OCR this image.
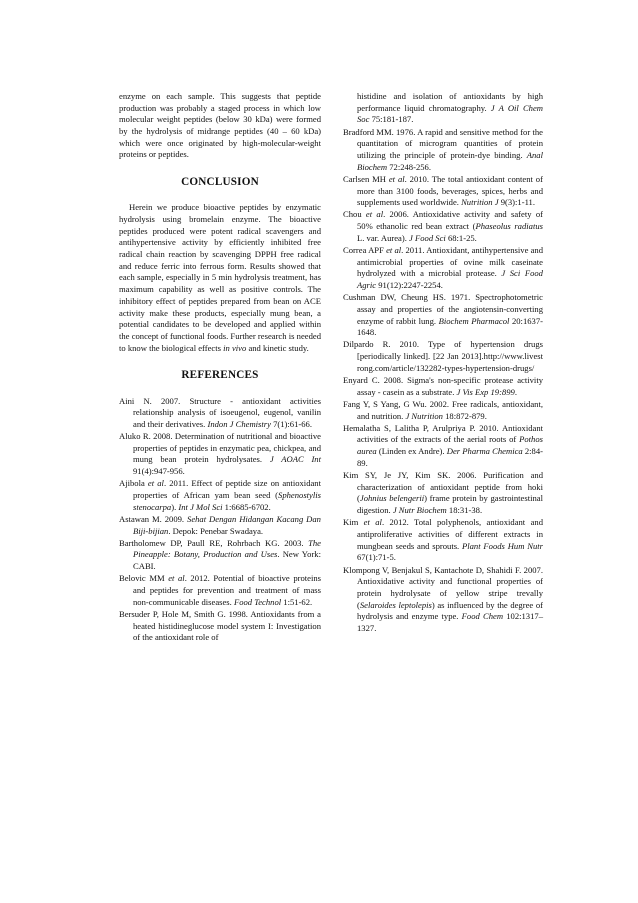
enzyme on each sample. This suggests that peptide production was probably a staged process in which low molecular weight peptides (below 30 kDa) were formed by the hydrolysis of midrange peptides (40 – 60 kDa) which were once originated by high-molecular-weight proteins or peptides.

CONCLUSION

Herein we produce bioactive peptides by enzymatic hydrolysis using bromelain enzyme. The bioactive peptides produced were potent radical scavengers and antihypertensive activity by efficiently inhibited free radical chain reaction by scavenging DPPH free radical and reduce ferric into ferrous form. Results showed that each sample, especially in 5 min hydrolysis treatment, has maximum capability as well as positive controls. The inhibitory effect of peptides prepared from bean on ACE activity make these products, especially mung bean, a potential candidates to be developed and applied within the concept of functional foods. Further research is needed to know the biological effects in vivo and kinetic study.

REFERENCES

Aini N. 2007. Structure - antioxidant activities relationship analysis of isoeugenol, eugenol, vanilin and their derivatives. Indon J Chemistry 7(1):61-66.

Aluko R. 2008. Determination of nutritional and bioactive properties of peptides in enzymatic pea, chickpea, and mung bean protein hydrolysates. J AOAC Int 91(4):947-956.

Ajibola et al. 2011. Effect of peptide size on antioxidant properties of African yam bean seed (Sphenostylis stenocarpa). Int J Mol Sci 1:6685-6702.

Astawan M. 2009. Sehat Dengan Hidangan Kacang Dan Biji-bijian. Depok: Penebar Swadaya.

Bartholomew DP, Paull RE, Rohrbach KG. 2003. The Pineapple: Botany, Production and Uses. New York: CABI.

Belovic MM et al. 2012. Potential of bioactive proteins and peptides for prevention and treatment of mass non-communicable diseases. Food Technol 1:51-62.

Bersuder P, Hole M, Smith G. 1998. Antioxidants from a heated histidineglucose model system I: Investigation of the antioxidant role of

histidine and isolation of antioxidants by high performance liquid chromatography. J A Oil Chem Soc 75:181-187.

Bradford MM. 1976. A rapid and sensitive method for the quantitation of microgram quantities of protein utilizing the principle of protein-dye binding. Anal Biochem 72:248-256.

Carlsen MH et al. 2010. The total antioxidant content of more than 3100 foods, beverages, spices, herbs and supplements used worldwide. Nutrition J 9(3):1-11.

Chou et al. 2006. Antioxidative activity and safety of 50% ethanolic red bean extract (Phaseolus radiatus L. var. Aurea). J Food Sci 68:1-25.

Correa APF et al. 2011. Antioxidant, antihypertensive and antimicrobial properties of ovine milk caseinate hydrolyzed with a microbial protease. J Sci Food Agric 91(12):2247-2254.

Cushman DW, Cheung HS. 1971. Spectrophotometric assay and properties of the angiotensin-converting enzyme of rabbit lung. Biochem Pharmacol 20:1637-1648.

Dilpardo R. 2010. Type of hypertension drugs [periodically linked]. [22 Jan 2013].http://www.livestrong.com/article/132282-types-hypertension-drugs/

Enyard C. 2008. Sigma's non-specific protease activity assay - casein as a substrate. J Vis Exp 19:899.

Fang Y, S Yang, G Wu. 2002. Free radicals, antioxidant, and nutrition. J Nutrition 18:872-879.

Hemalatha S, Lalitha P, Arulpriya P. 2010. Antioxidant activities of the extracts of the aerial roots of Pothos aurea (Linden ex Andre). Der Pharma Chemica 2:84-89.

Kim SY, Je JY, Kim SK. 2006. Purification and characterization of antioxidant peptide from hoki (Johnius belengerii) frame protein by gastrointestinal digestion. J Nutr Biochem 18:31-38.

Kim et al. 2012. Total polyphenols, antioxidant and antiproliferative activities of different extracts in mungbean seeds and sprouts. Plant Foods Hum Nutr 67(1):71-5.

Klompong V, Benjakul S, Kantachote D, Shahidi F. 2007. Antioxidative activity and functional properties of protein hydrolysate of yellow stripe trevally (Selaroides leptolepis) as influenced by the degree of hydrolysis and enzyme type. Food Chem 102:1317–1327.
